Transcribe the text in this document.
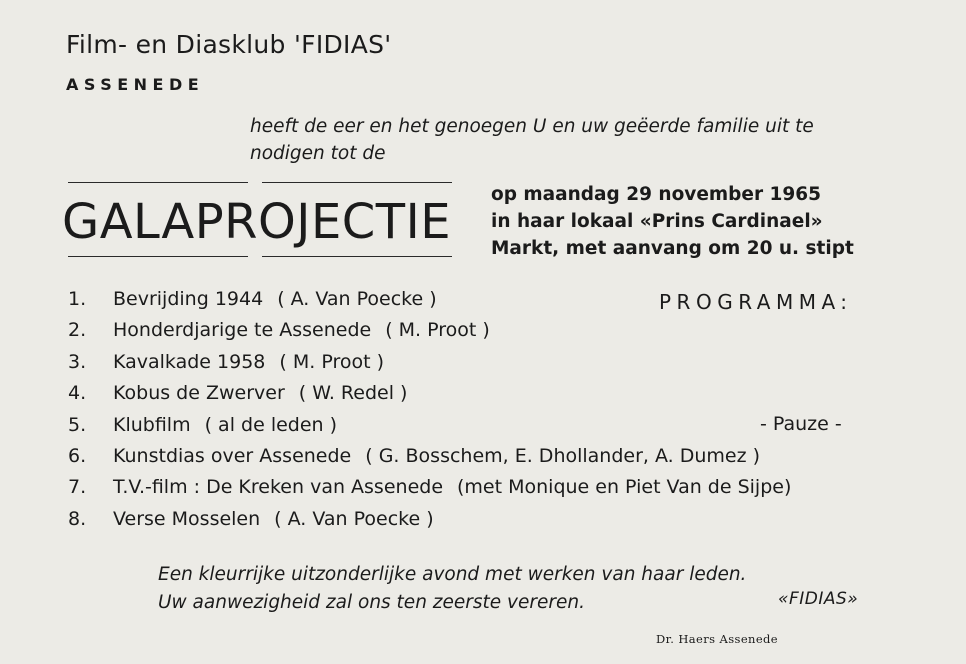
Film- en Diasklub 'FIDIAS'
ASSENEDE
heeft de eer en het genoegen U en uw geëerde familie uit te
nodigen tot de
GALAPROJECTIE op maandag 29 november 1965
in haar lokaal «Prins Cardinael»
Markt, met aanvang om 20 u. stipt
PROGRAMMA:
1. Bevrijding 1944 ( A. Van Poecke )
2. Honderdjarige te Assenede ( M. Proot )
3. Kavalkade 1958 ( M. Proot )
4. Kobus de Zwerver ( W. Redel )
5. Klubfilm ( al de leden )
6. Kunstdias over Assenede ( G. Bosschem, E. Dhollander, A. Dumez )
7. T.V.-film : De Kreken van Assenede (met Monique en Piet Van de Sijpe)
8. Verse Mosselen ( A. Van Poecke )
- Pauze -
Een kleurrijke uitzonderlijke avond met werken van haar leden.
Uw aanwezigheid zal ons ten zeerste vereren.	«FIDIAS»
Dr. Haers Assenede
